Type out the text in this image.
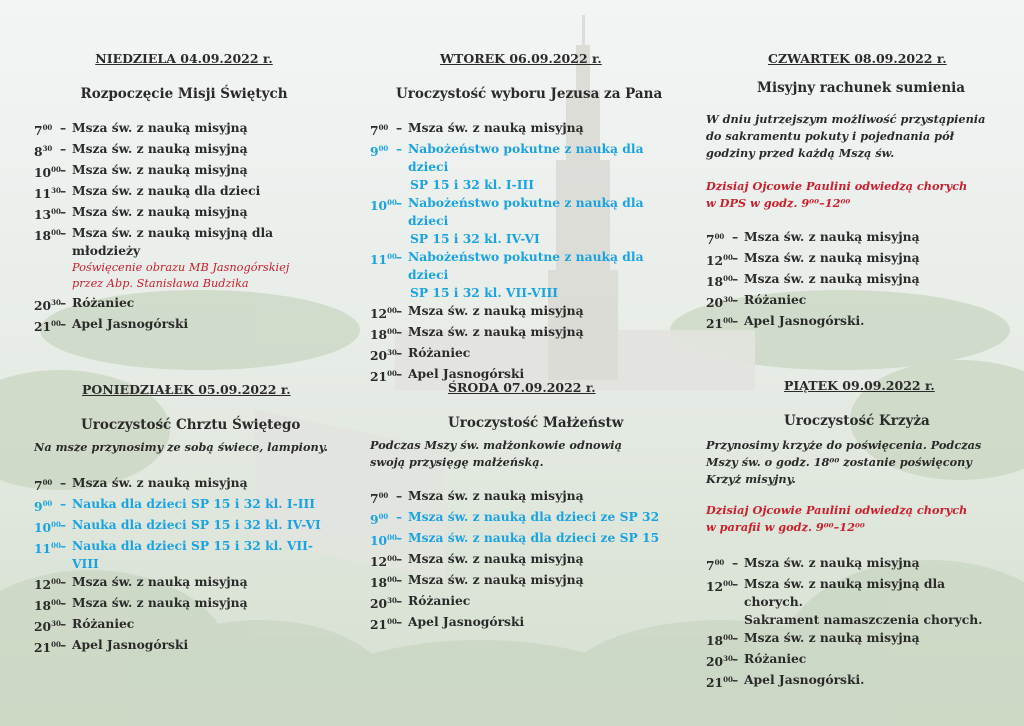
NIEDZIELA 04.09.2022 r.

Rozpoczęcie Misji Świętych

$7^{00}$ – Msza św. z nauką misyjną
$8^{30}$ – Msza św. z nauką misyjną
$10^{00}$ – Msza św. z nauką misyjną
$11^{30}$ – Msza św. z nauką dla dzieci
$13^{00}$ – Msza św. z nauką misyjną
$18^{00}$ – Msza św. z nauką misyjną dla młodzieży
Poświęcenie obrazu MB Jasnogórskiej
przez Abp. Stanisława Budzika
$20^{30}$ – Różaniec
$21^{00}$ – Apel Jasnogórski

WTOREK 06.09.2022 r.

Uroczystość wyboru Jezusa za Pana

$7^{00}$ – Msza św. z nauką misyjną
$9^{00}$ – Nabożeństwo pokutne z nauką dla dzieci
SP 15 i 32 kl. I-III
$10^{00}$ – Nabożeństwo pokutne z nauką dla dzieci
SP 15 i 32 kl. IV-VI
$11^{00}$ – Nabożeństwo pokutne z nauką dla dzieci
SP 15 i 32 kl. VII-VIII
$12^{00}$ – Msza św. z nauką misyjną
$18^{00}$ – Msza św. z nauką misyjną
$20^{30}$ – Różaniec
$21^{00}$ – Apel Jasnogórski

CZWARTEK 08.09.2022 r.

Misyjny rachunek sumienia

W dniu jutrzejszym możliwość przystąpienia do sakramentu pokuty i pojednania pół godziny przed każdą Mszą św.

Dzisiaj Ojcowie Paulini odwiedzą chorych
w DPS w godz. 9⁰⁰–12⁰⁰

$7^{00}$ – Msza św. z nauką misyjną
$12^{00}$ – Msza św. z nauką misyjną
$18^{00}$ – Msza św. z nauką misyjną
$20^{30}$ – Różaniec
$21^{00}$ – Apel Jasnogórski.

PONIEDZIAŁEK 05.09.2022 r.

Uroczystość Chrztu Świętego

Na msze przynosimy ze sobą świece, lampiony.

$7^{00}$ – Msza św. z nauką misyjną
$9^{00}$ – Nauka dla dzieci SP 15 i 32 kl. I-III
$10^{00}$ – Nauka dla dzieci SP 15 i 32 kl. IV-VI
$11^{00}$ – Nauka dla dzieci SP 15 i 32 kl. VII-VIII
$12^{00}$ – Msza św. z nauką misyjną
$18^{00}$ – Msza św. z nauką misyjną
$20^{30}$ – Różaniec
$21^{00}$ – Apel Jasnogórski

ŚRODA 07.09.2022 r.

Uroczystość Małżeństw

Podczas Mszy św. małżonkowie odnowią swoją przysięgę małżeńską.

$7^{00}$ – Msza św. z nauką misyjną
$9^{00}$ – Msza św. z nauką dla dzieci ze SP 32
$10^{00}$ – Msza św. z nauką dla dzieci ze SP 15
$12^{00}$ – Msza św. z nauką misyjną
$18^{00}$ – Msza św. z nauką misyjną
$20^{30}$ – Różaniec
$21^{00}$ – Apel Jasnogórski

PIĄTEK 09.09.2022 r.

Uroczystość Krzyża

Przynosimy krzyże do poświęcenia. Podczas Mszy św. o godz. 18⁰⁰ zostanie poświęcony Krzyż misyjny.

Dzisiaj Ojcowie Paulini odwiedzą chorych
w parafii w godz. 9⁰⁰–12⁰⁰

$7^{00}$ – Msza św. z nauką misyjną
$12^{00}$ – Msza św. z nauką misyjną dla chorych.
Sakrament namaszczenia chorych.
$18^{00}$ – Msza św. z nauką misyjną
$20^{30}$ – Różaniec
$21^{00}$ – Apel Jasnogórski.
